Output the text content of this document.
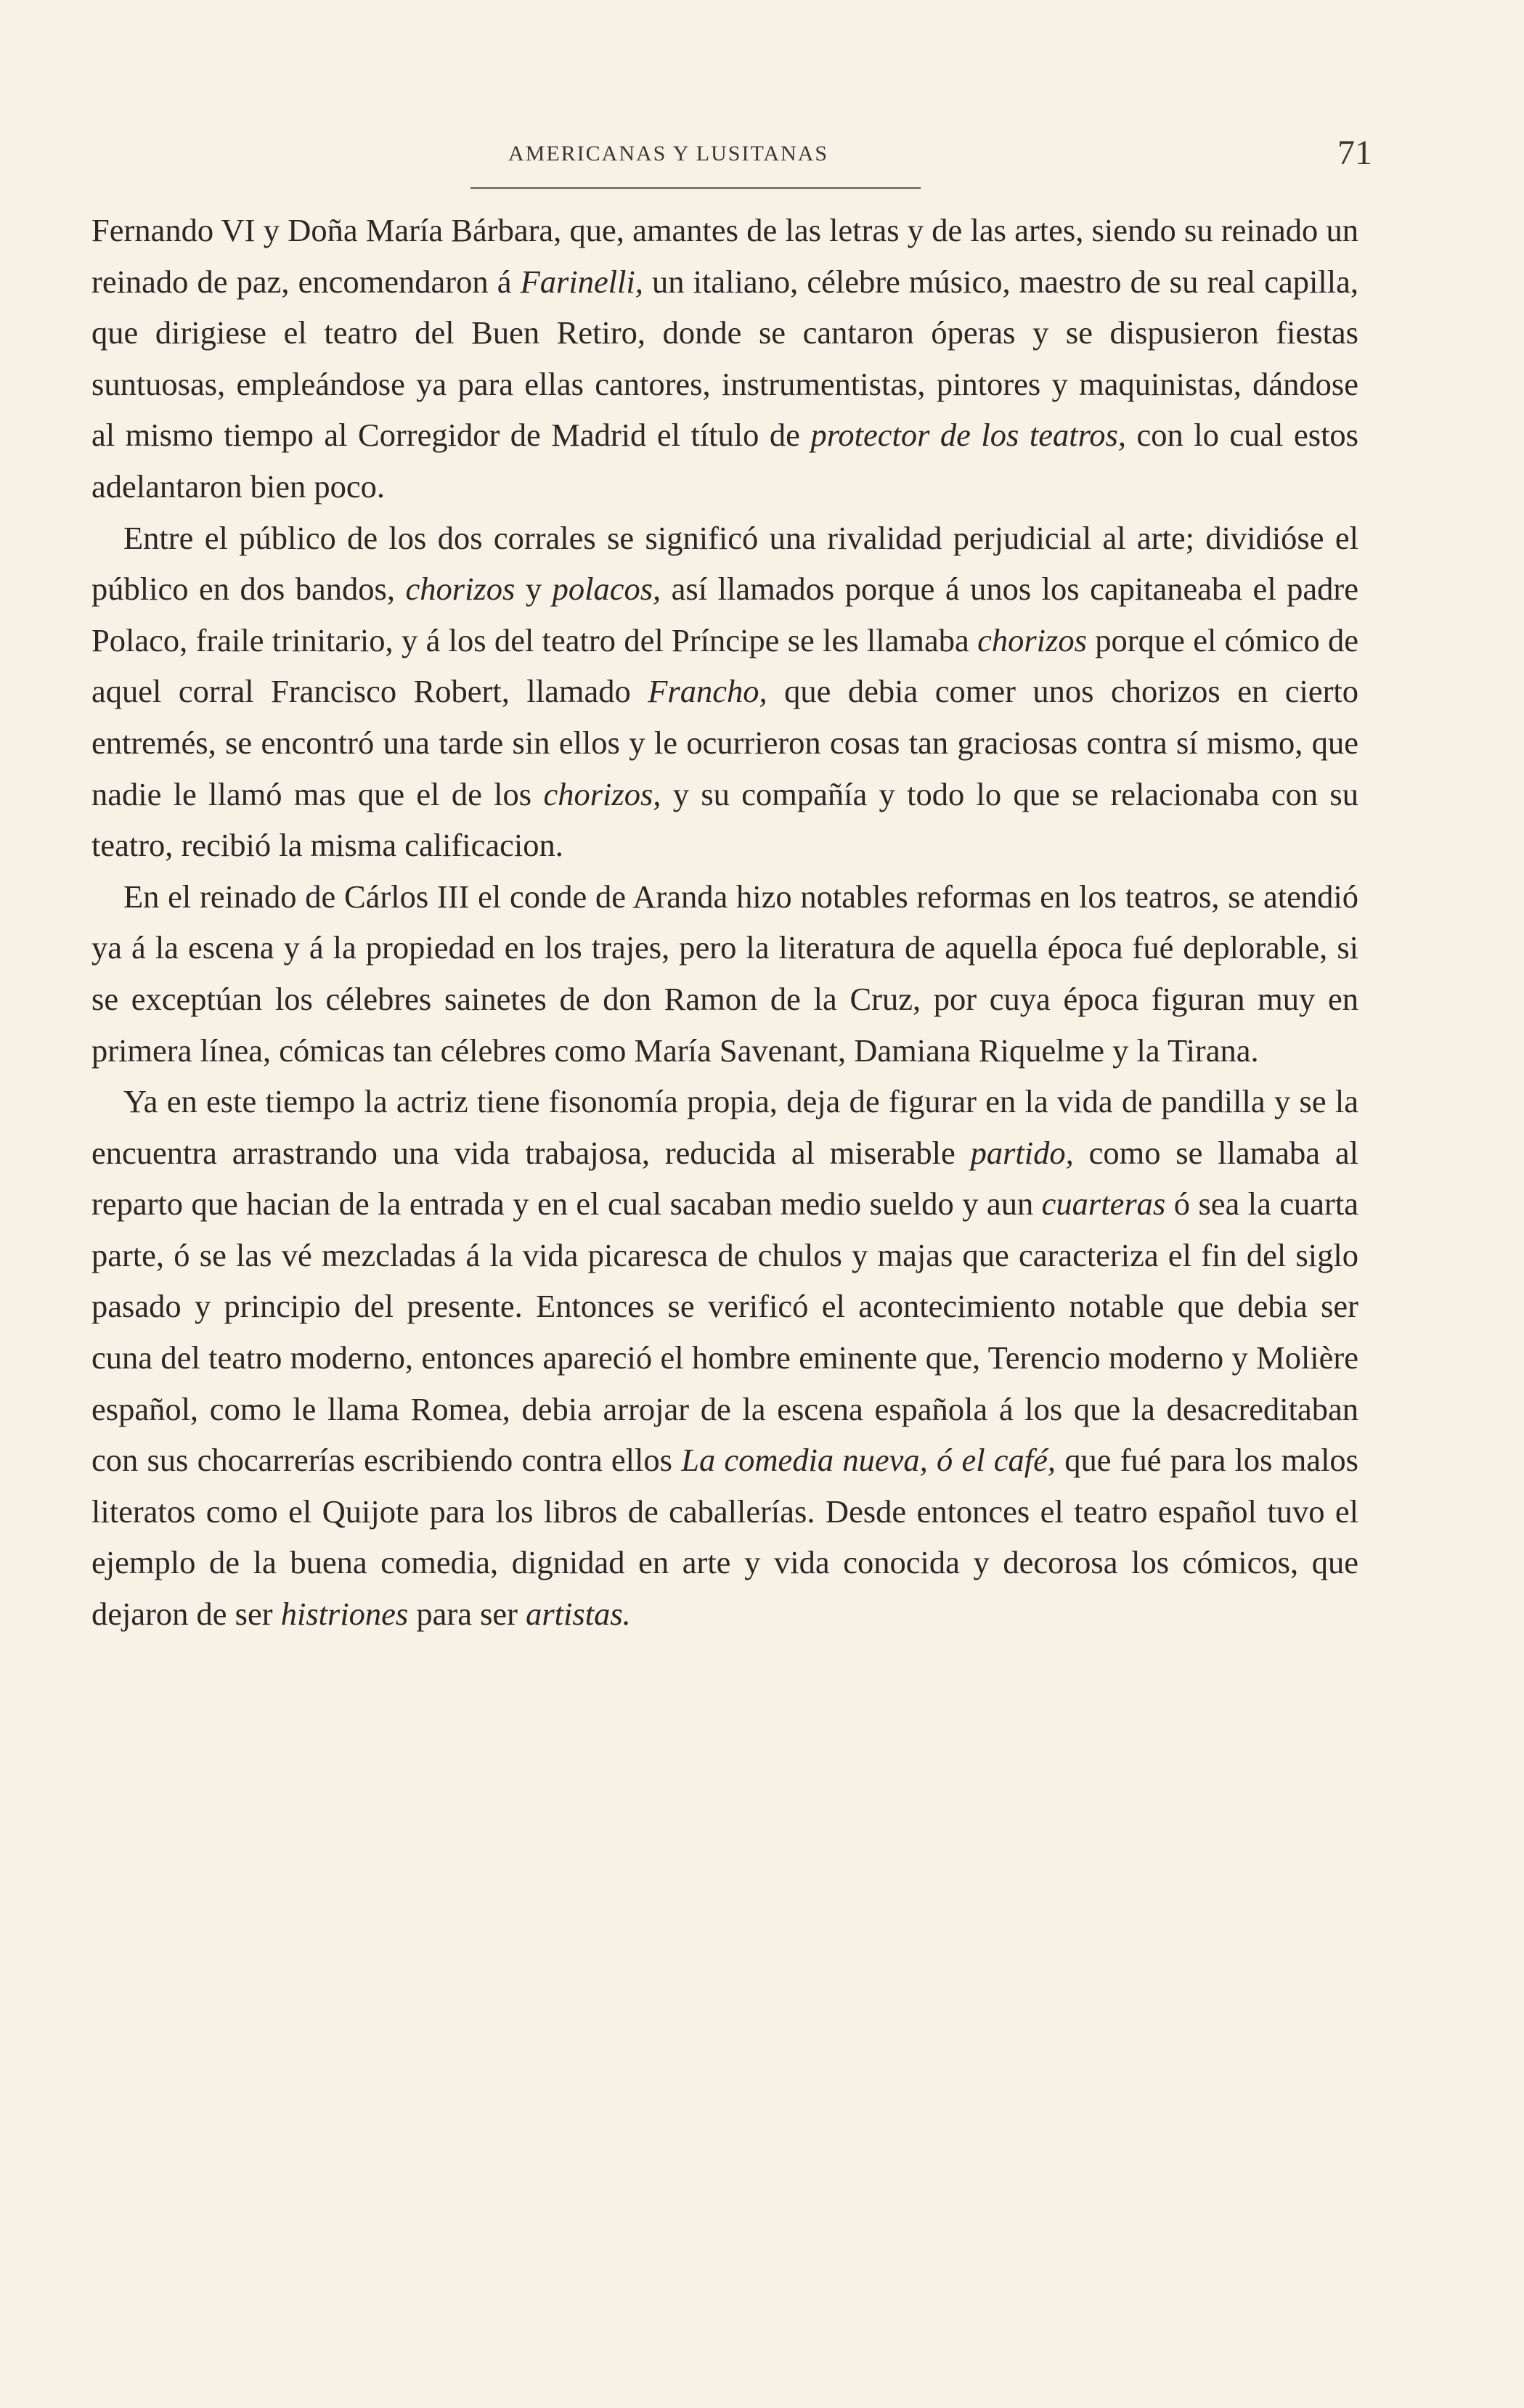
AMERICANAS Y LUSITANAS	71

Fernando VI y Doña María Bárbara, que, amantes de las letras y de las artes, siendo su reinado un reinado de paz, encomendaron á Farinelli, un italiano, célebre músico, maestro de su real capilla, que dirigiese el teatro del Buen Retiro, donde se cantaron óperas y se dispusieron fiestas suntuosas, empleándose ya para ellas cantores, instrumentistas, pintores y maquinistas, dándose al mismo tiempo al Corregidor de Madrid el título de protector de los teatros, con lo cual estos adelantaron bien poco.

Entre el público de los dos corrales se significó una rivalidad perjudicial al arte; dividióse el público en dos bandos, chorizos y polacos, así llamados porque á unos los capitaneaba el padre Polaco, fraile trinitario, y á los del teatro del Príncipe se les llamaba chorizos porque el cómico de aquel corral Francisco Robert, llamado Francho, que debia comer unos chorizos en cierto entremés, se encontró una tarde sin ellos y le ocurrieron cosas tan graciosas contra sí mismo, que nadie le llamó mas que el de los chorizos, y su compañía y todo lo que se relacionaba con su teatro, recibió la misma calificacion.

En el reinado de Cárlos III el conde de Aranda hizo notables reformas en los teatros, se atendió ya á la escena y á la propiedad en los trajes, pero la literatura de aquella época fué deplorable, si se exceptúan los célebres sainetes de don Ramon de la Cruz, por cuya época figuran muy en primera línea, cómicas tan célebres como María Savenant, Damiana Riquelme y la Tirana.

Ya en este tiempo la actriz tiene fisonomía propia, deja de figurar en la vida de pandilla y se la encuentra arrastrando una vida trabajosa, reducida al miserable partido, como se llamaba al reparto que hacian de la entrada y en el cual sacaban medio sueldo y aun cuarteras ó sea la cuarta parte, ó se las vé mezcladas á la vida picaresca de chulos y majas que caracteriza el fin del siglo pasado y principio del presente. Entonces se verificó el acontecimiento notable que debia ser cuna del teatro moderno, entonces apareció el hombre eminente que, Terencio moderno y Molière español, como le llama Romea, debia arrojar de la escena española á los que la desacreditaban con sus chocarrerías escribiendo contra ellos La comedia nueva, ó el café, que fué para los malos literatos como el Quijote para los libros de caballerías. Desde entonces el teatro español tuvo el ejemplo de la buena comedia, dignidad en arte y vida conocida y decorosa los cómicos, que dejaron de ser histriones para ser artistas.
